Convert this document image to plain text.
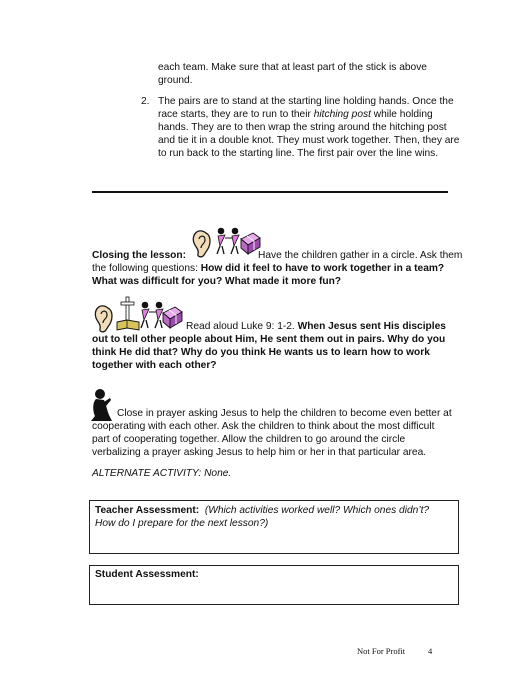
each team. Make sure that at least part of the stick is above
ground.
2. The pairs are to stand at the starting line holding hands. Once the
race starts, they are to run to their hitching post while holding
hands. They are to then wrap the string around the hitching post
and tie it in a double knot. They must work together. Then, they are
to run back to the starting line. The first pair over the line wins.
Closing the lesson:	Have the children gather in a circle. Ask them
the following questions: How did it feel to have to work together in a team?
What was difficult for you? What made it more fun?
Read aloud Luke 9: 1-2. When Jesus sent His disciples
out to tell other people about Him, He sent them out in pairs. Why do you
think He did that? Why do you think He wants us to learn how to work
together with each other?
Close in prayer asking Jesus to help the children to become even better at
cooperating with each other. Ask the children to think about the most difficult
part of cooperating together. Allow the children to go around the circle
verbalizing a prayer asking Jesus to help him or her in that particular area.
ALTERNATE ACTIVITY: None.
Teacher Assessment: (Which activities worked well? Which ones didn’t?
How do I prepare for the next lesson?)
Student Assessment:
Not For Profit	4
